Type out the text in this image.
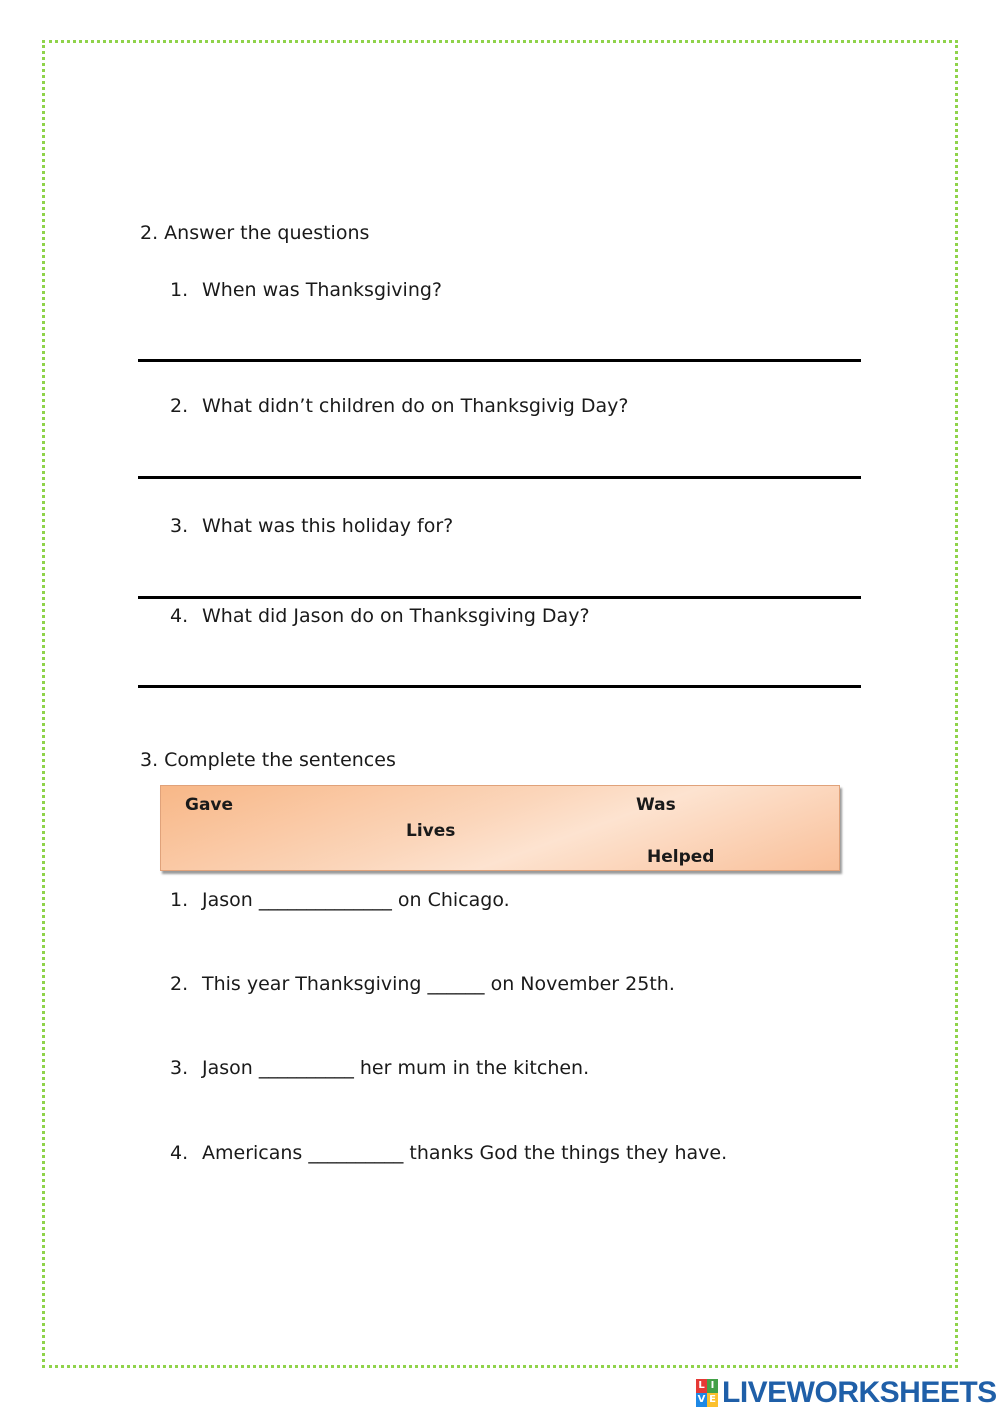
2. Answer the questions
1. When was Thanksgiving?
2. What didn’t children do on Thanksgivig Day?
3. What was this holiday for?
4. What did Jason do on Thanksgiving Day?
3. Complete the sentences
Gave	Was
Lives
Helped
1. Jason ______________ on Chicago.
2. This year Thanksgiving ______ on November 25th.
3. Jason __________ her mum in the kitchen.
4. Americans __________ thanks God the things they have.
L I
V E LIVEWORKSHEETS
